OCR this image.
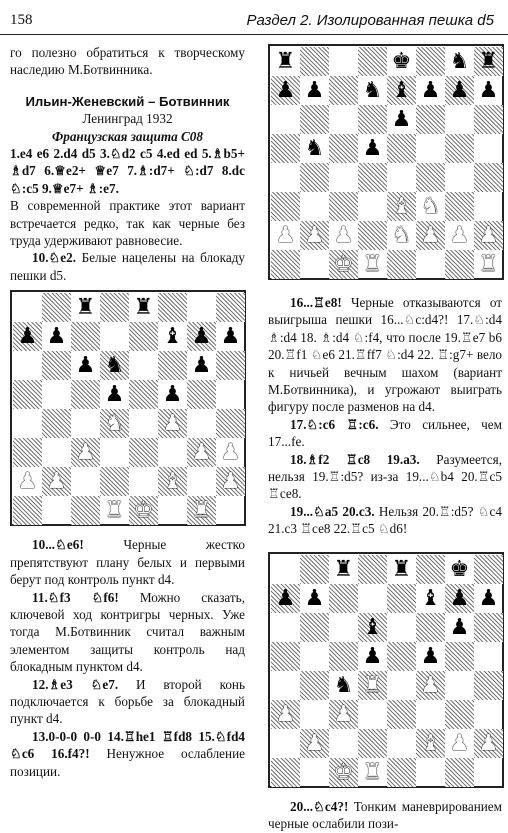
158	Раздел 2. Изолированная пешка d5

го полезно обратиться к творческому наследию М.Ботвинника.

Ильин-Женевский – Ботвинник

Ленинград 1932

Французская защита С08

1.е4 е6 2.d4 d5 3.♘d2 с5 4.еd еd 5.♗b5+ ♗d7 6.♕е2+ ♕е7 7.♗:d7+ ♘:d7 8.dc ♘:с5 9.♕е7+ ♗:е7.

В современной практике этот вариант встречается редко, так как черные без труда удерживают равновесие.

10.♘e2. Белые нацелены на блокаду пешки d5.

♜ ♜
♟ ♟	♝ ♟ ♟
♟ ♞	♟
♟ ♟
♞ ♟
♟	♟ ♟
♟ ♟	♝ ♟
♜ ♚ ♜

10...♘е6!	Черные жестко препятствуют плану белых и первыми берут под контроль пункт d4.

11.♘f3 ♘f6! Можно сказать, ключевой ход контригры черных. Уже тогда М.Ботвинник считал важным элементом защиты контроль над блокадным пунктом d4.

12.♗е3 ♘е7. И второй конь подключается к борьбе за блокадный пункт d4.

13.0-0-0 0-0 14.♖hе1 ♖fd8 15.♘fd4 ♘с6 16.f4?! Ненужное ослабление позиции.

♜	♚ ♞ ♜
♟ ♟ ♞ ♝ ♟ ♟ ♟
♟
♞ ♟
♝ ♞
♟ ♟ ♟ ♞ ♟ ♟ ♟
♚ ♜	♜

16...♖е8! Черные отказываются от выигрыша пешки 16...♘с:d4?! 17.♘:d4 ♗:d4 18. ♗:d4 ♘:f4, что после 19.♖е7 b6 20.♖f1 ♘е6 21.♖ff7 ♘:d4 22. ♖:g7+ вело к ничьей вечным шахом (вариант М.Ботвинника), и угрожают выиграть фигуру после разменов на d4.

17.♘:с6 ♖:с6. Это сильнее, чем 17...fe.

18.♗f2 ♖с8 19.а3. Разумеется, нельзя 19.♖:d5? из-за 19...♘b4 20.♖с5 ♖се8.

19...♘а5 20.с3. Нельзя 20.♖:d5? ♘с4 21.с3 ♖се8 22.♖с5 ♘d6!

♜ ♜ ♚
♟ ♟	♝ ♟ ♟
♝	♟
♟ ♟
♞ ♜ ♟
♟ ♟
♟	♝ ♟ ♟
♚ ♜

20...♘с4?! Тонким маневрированием черные ослабили пози-
